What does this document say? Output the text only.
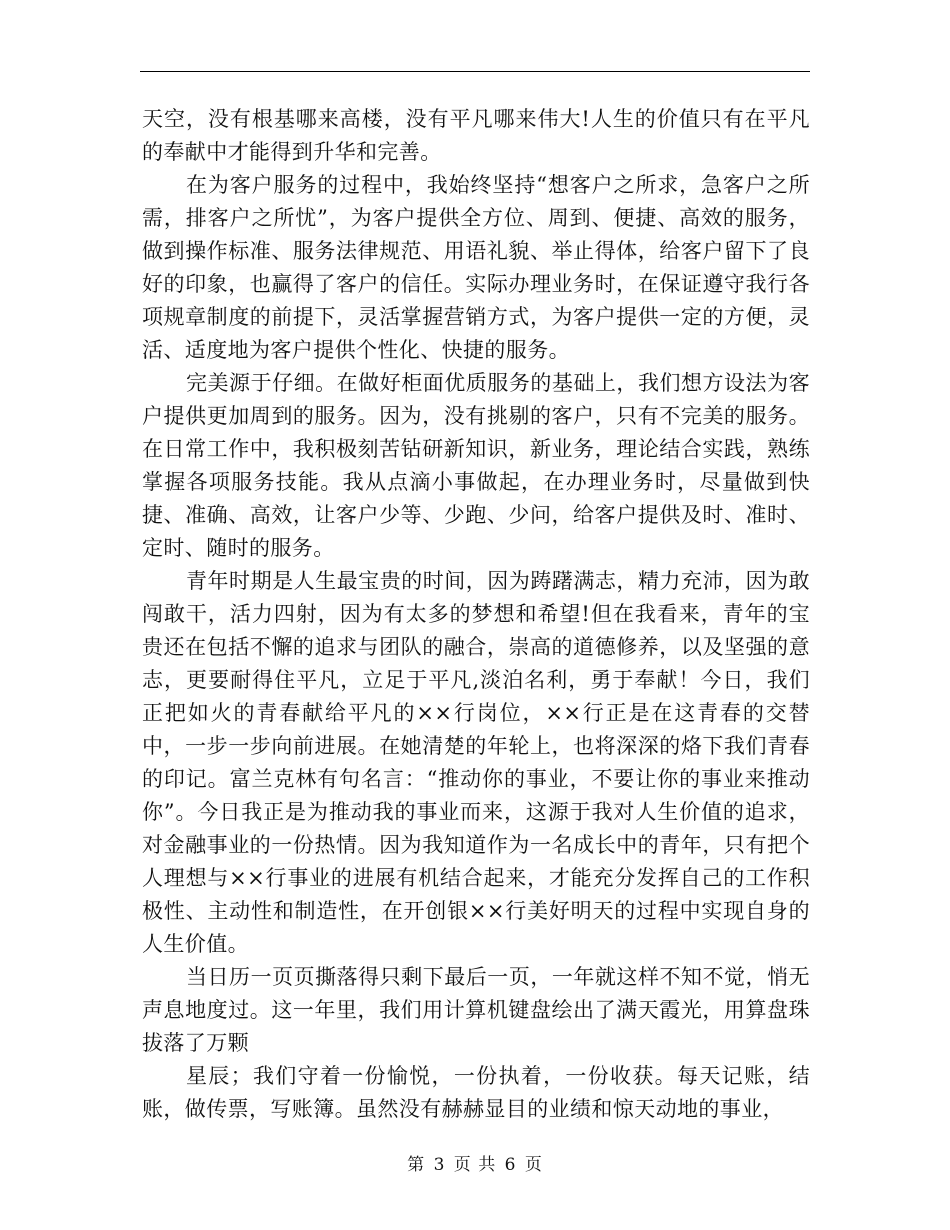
天空，没有根基哪来高楼，没有平凡哪来伟大!人生的价值只有在平凡的奉献中才能得到升华和完善。

在为客户服务的过程中，我始终坚持“想客户之所求，急客户之所需，排客户之所忧”，为客户提供全方位、周到、便捷、高效的服务，做到操作标准、服务法律规范、用语礼貌、举止得体，给客户留下了良好的印象，也赢得了客户的信任。实际办理业务时，在保证遵守我行各项规章制度的前提下，灵活掌握营销方式，为客户提供一定的方便，灵活、适度地为客户提供个性化、快捷的服务。

完美源于仔细。在做好柜面优质服务的基础上，我们想方设法为客户提供更加周到的服务。因为，没有挑剔的客户，只有不完美的服务。在日常工作中，我积极刻苦钻研新知识，新业务，理论结合实践，熟练掌握各项服务技能。我从点滴小事做起，在办理业务时，尽量做到快捷、准确、高效，让客户少等、少跑、少问，给客户提供及时、准时、定时、随时的服务。

青年时期是人生最宝贵的时间，因为踌躇满志，精力充沛，因为敢闯敢干，活力四射，因为有太多的梦想和希望!但在我看来，青年的宝贵还在包括不懈的追求与团队的融合，崇高的道德修养，以及坚强的意志，更要耐得住平凡，立足于平凡,淡泊名利，勇于奉献！今日，我们正把如火的青春献给平凡的××行岗位，××行正是在这青春的交替中，一步一步向前进展。在她清楚的年轮上，也将深深的烙下我们青春的印记。富兰克林有句名言：“推动你的事业，不要让你的事业来推动你”。今日我正是为推动我的事业而来，这源于我对人生价值的追求，对金融事业的一份热情。因为我知道作为一名成长中的青年，只有把个人理想与××行事业的进展有机结合起来，才能充分发挥自己的工作积极性、主动性和制造性，在开创银××行美好明天的过程中实现自身的人生价值。

当日历一页页撕落得只剩下最后一页，一年就这样不知不觉，悄无声息地度过。这一年里，我们用计算机键盘绘出了满天霞光，用算盘珠拔落了万颗

星辰；我们守着一份愉悦，一份执着，一份收获。每天记账，结账，做传票，写账簿。虽然没有赫赫显目的业绩和惊天动地的事业，

第 3 页 共 6 页
